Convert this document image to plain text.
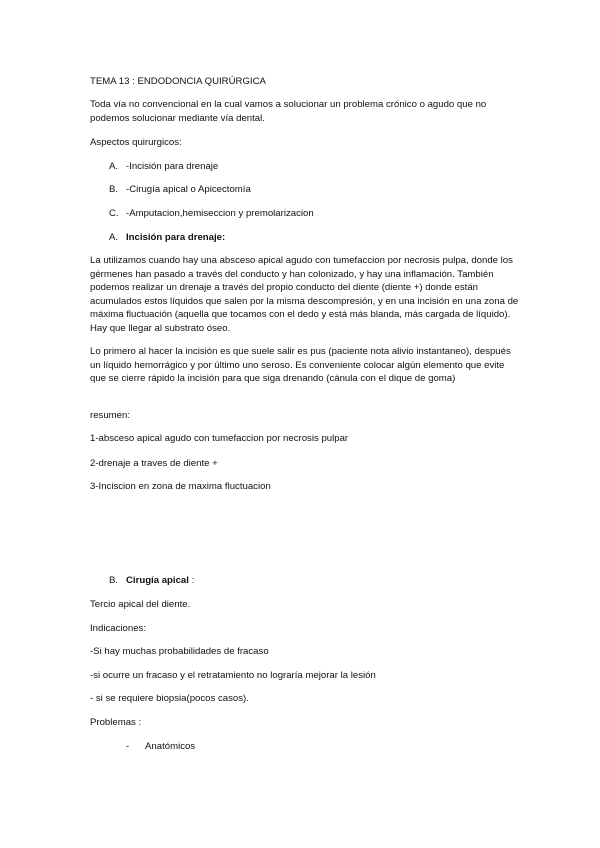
TEMA 13 : ENDODONCIA QUIRÚRGICA

Toda vía no convencional en la cual vamos a solucionar un problema crónico o agudo que no podemos solucionar mediante vía dental.

Aspectos quirurgicos:

A. -Incisión para drenaje
B. -Cirugía apical o Apicectomía
C. -Amputacion,hemiseccion y premolarizacion
A. Incisión para drenaje:

La utilizamos cuando hay una absceso apical agudo con tumefaccion por necrosis pulpa, donde los gérmenes han pasado a través del conducto y han colonizado, y hay una inflamación. También podemos realizar un drenaje a través del propio conducto del diente (diente +) donde están acumulados estos líquidos que salen por la misma descompresión, y en una incisión en una zona de máxima fluctuación (aquella que tocamos con el dedo y está más blanda, más cargada de líquido). Hay que llegar al substrato óseo.

Lo primero al hacer la incisión es que suele salir es pus (paciente nota alivio instantaneo), después un líquido hemorrágico y por último uno seroso. Es conveniente colocar algún elemento que evite que se cierre rápido la incisión para que siga drenando (cánula con el dique de goma)

resumen:

1-absceso apical agudo con tumefaccion por necrosis pulpar

2-drenaje a traves de diente +

3-Inciscion en zona de maxima fluctuacion

B. Cirugía apical :

Tercio apical del diente.

Indicaciones:

-Si hay muchas probabilidades de fracaso

-si ocurre un fracaso y el retratamiento no lograría mejorar la lesión

- si se requiere biopsia(pocos casos).

Problemas :

- Anatómicos
